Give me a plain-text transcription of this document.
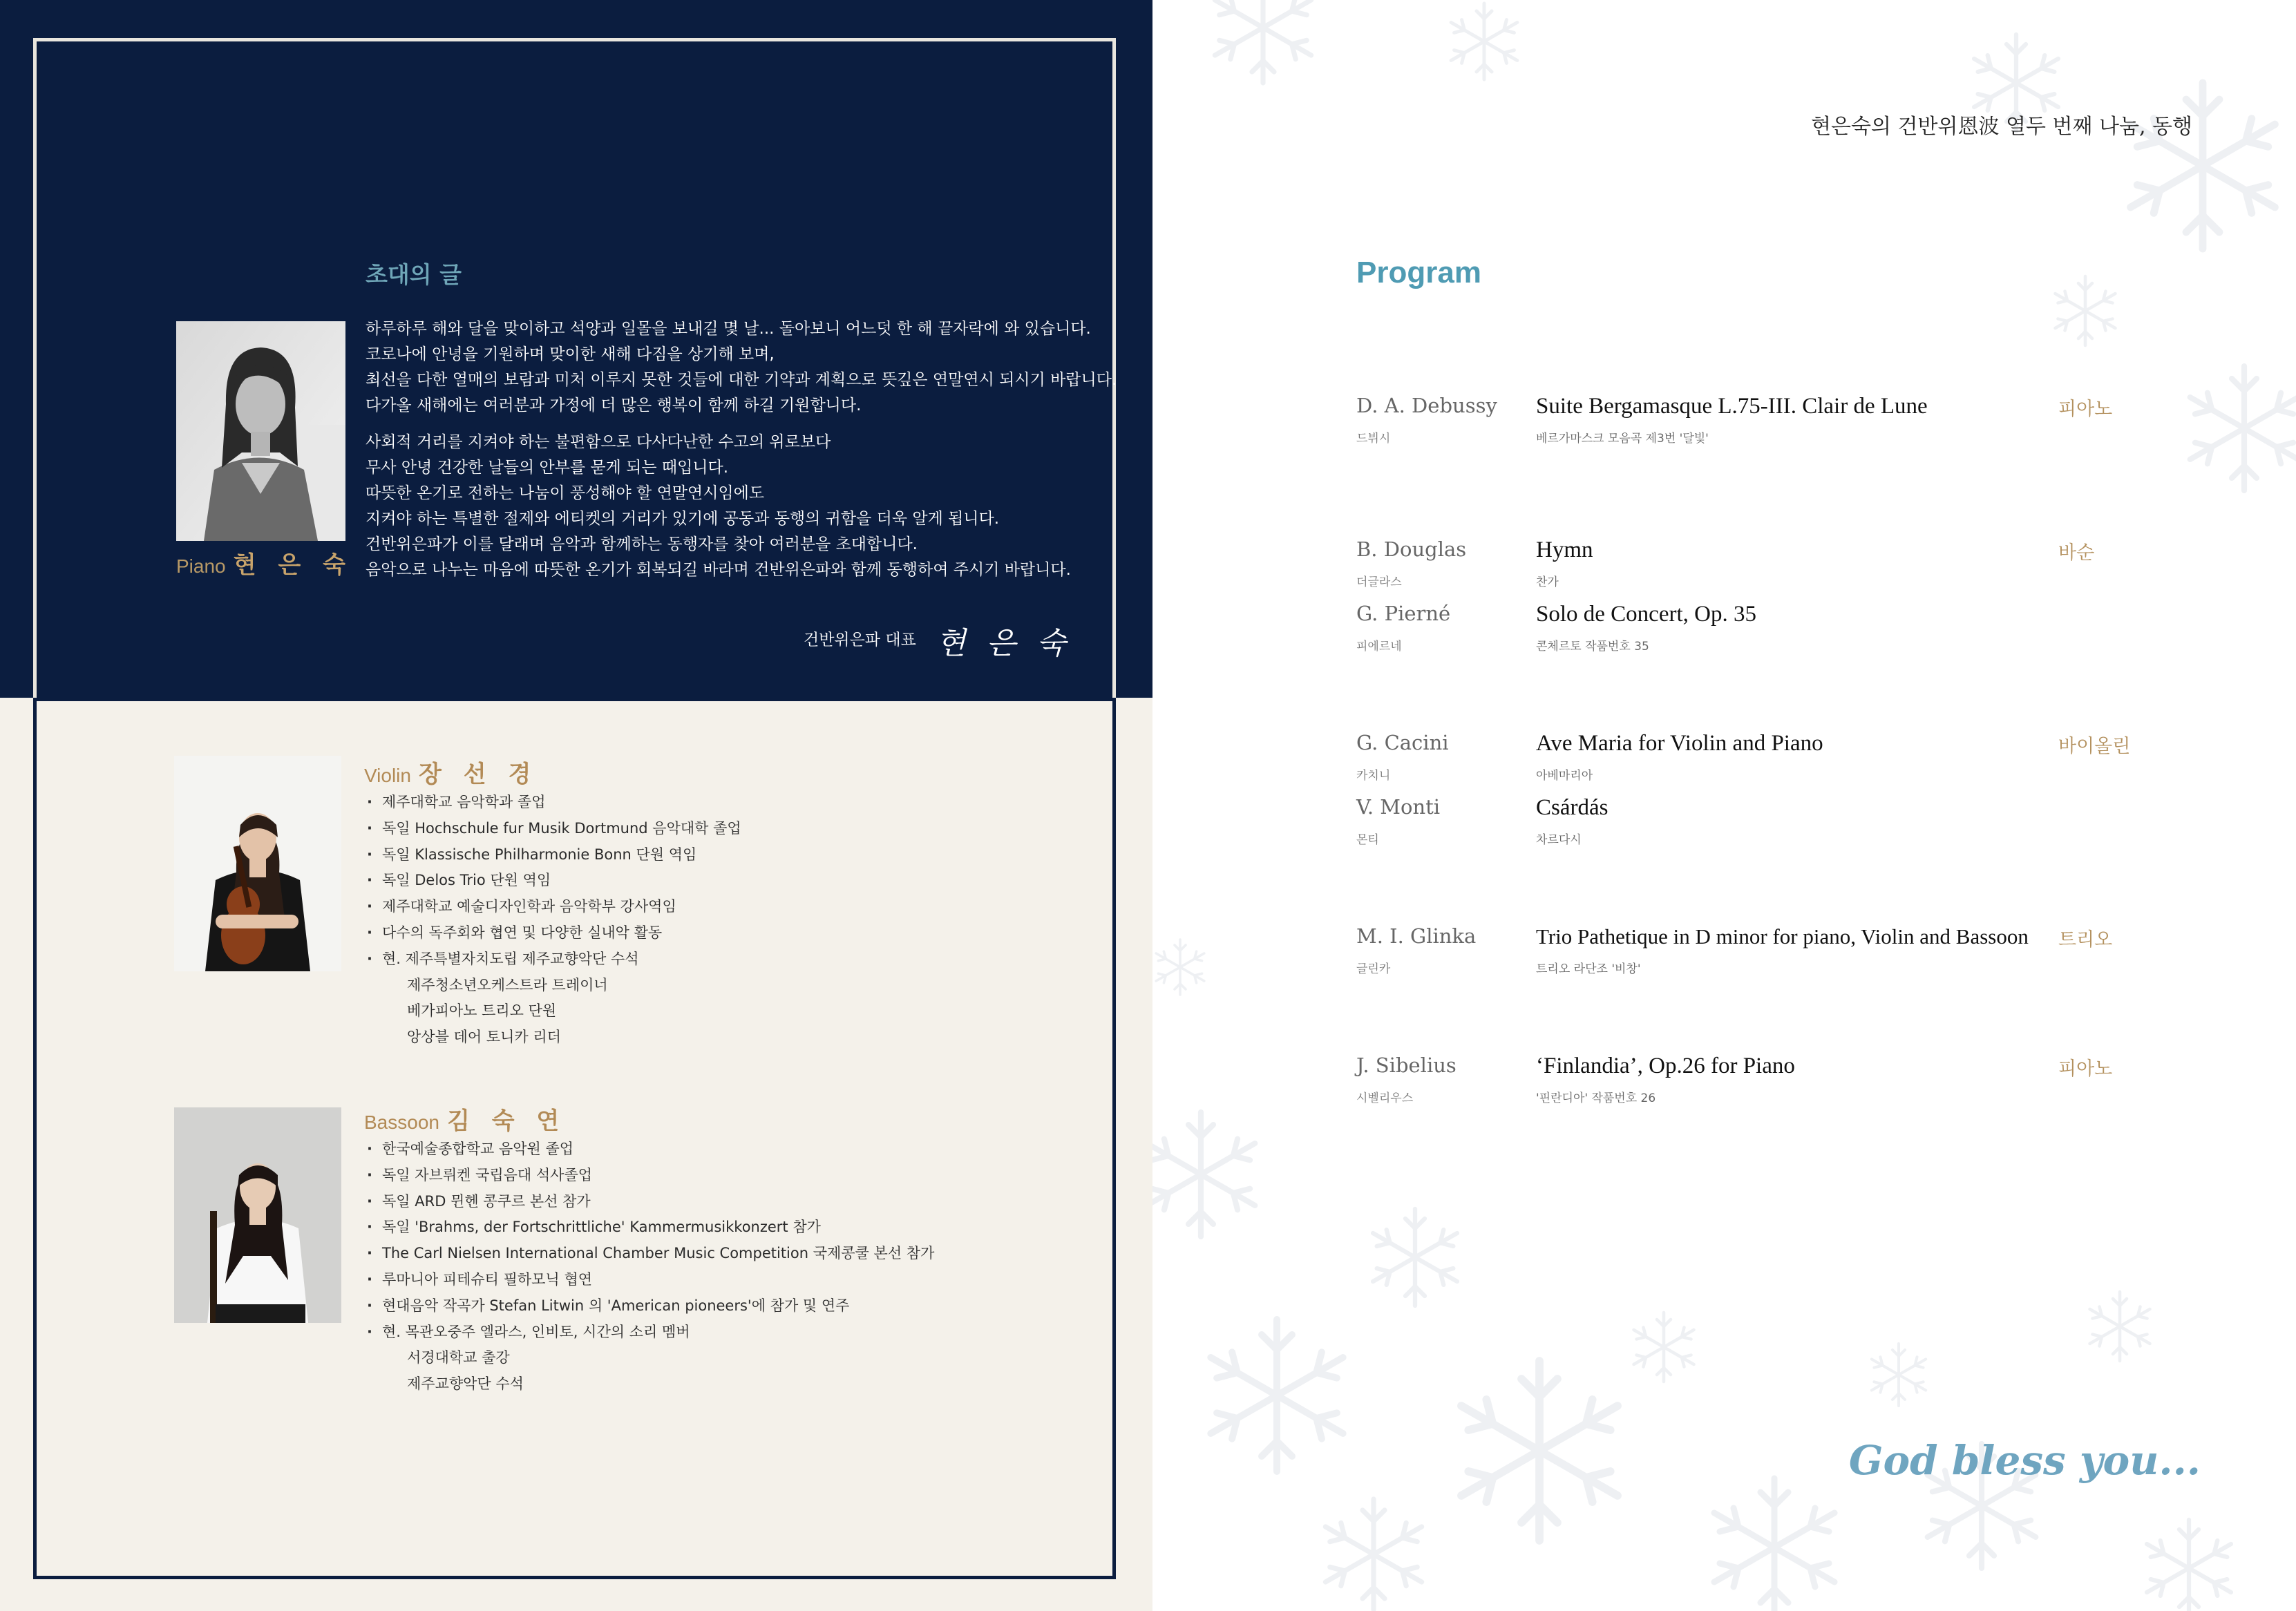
Piano 현 은 숙
초대의 글
하루하루 해와 달을 맞이하고 석양과 일몰을 보내길 몇 날... 돌아보니 어느덧 한 해 끝자락에 와 있습니다.
코로나에 안녕을 기원하며 맞이한 새해 다짐을 상기해 보며,
최선을 다한 열매의 보람과 미처 이루지 못한 것들에 대한 기약과 계획으로 뜻깊은 연말연시 되시기 바랍니다.
다가올 새해에는 여러분과 가정에 더 많은 행복이 함께 하길 기원합니다.
사회적 거리를 지켜야 하는 불편함으로 다사다난한 수고의 위로보다
무사 안녕 건강한 날들의 안부를 묻게 되는 때입니다.
따뜻한 온기로 전하는 나눔이 풍성해야 할 연말연시임에도
지켜야 하는 특별한 절제와 에티켓의 거리가 있기에 공동과 동행의 귀함을 더욱 알게 됩니다.
건반위은파가 이를 달래며 음악과 함께하는 동행자를 찾아 여러분을 초대합니다.
음악으로 나누는 마음에 따뜻한 온기가 회복되길 바라며 건반위은파와 함께 동행하여 주시기 바랍니다.
건반위은파 대표 현 은 숙
Violin 장 선 경
· 제주대학교 음악학과 졸업
· 독일 Hochschule fur Musik Dortmund 음악대학 졸업
· 독일 Klassische Philharmonie Bonn 단원 역임
· 독일 Delos Trio 단원 역임
· 제주대학교 예술디자인학과 음악학부 강사역임
· 다수의 독주회와 협연 및 다양한 실내악 활동
· 현. 제주특별자치도립 제주교향악단 수석
제주청소년오케스트라 트레이너
베가피아노 트리오 단원
앙상블 데어 토니카 리더
Bassoon 김 숙 연
· 한국예술종합학교 음악원 졸업
· 독일 자브뤼켄 국립음대 석사졸업
· 독일 ARD 뮌헨 콩쿠르 본선 참가
· 독일 'Brahms, der Fortschrittliche' Kammermusikkonzert 참가
· The Carl Nielsen International Chamber Music Competition 국제콩쿨 본선 참가
· 루마니아 피테슈티 필하모닉 협연
· 현대음악 작곡가 Stefan Litwin 의 'American pioneers'에 참가 및 연주
· 현. 목관오중주 엘라스, 인비토, 시간의 소리 멤버
서경대학교 출강
제주교향악단 수석
현은숙의 건반위恩波 열두 번째 나눔, 동행
Program
D. A. Debussy
드뷔시
Suite Bergamasque L.75-III. Clair de Lune
베르가마스크 모음곡 제3번 '달빛'
피아노
B. Douglas
더글라스
Hymn
찬가
바순
G. Pierné
피에르네
Solo de Concert, Op. 35
콘체르토 작품번호 35
G. Cacini
카치니
Ave Maria for Violin and Piano
아베마리아
바이올린
V. Monti
몬티
Csárdás
차르다시
M. I. Glinka
글린카
Trio Pathetique in D minor for piano, Violin and Bassoon
트리오 라단조 '비창'
트리오
J. Sibelius
시벨리우스
‘Finlandia’, Op.26 for Piano
'핀란디아' 작품번호 26
피아노
God bless you...
